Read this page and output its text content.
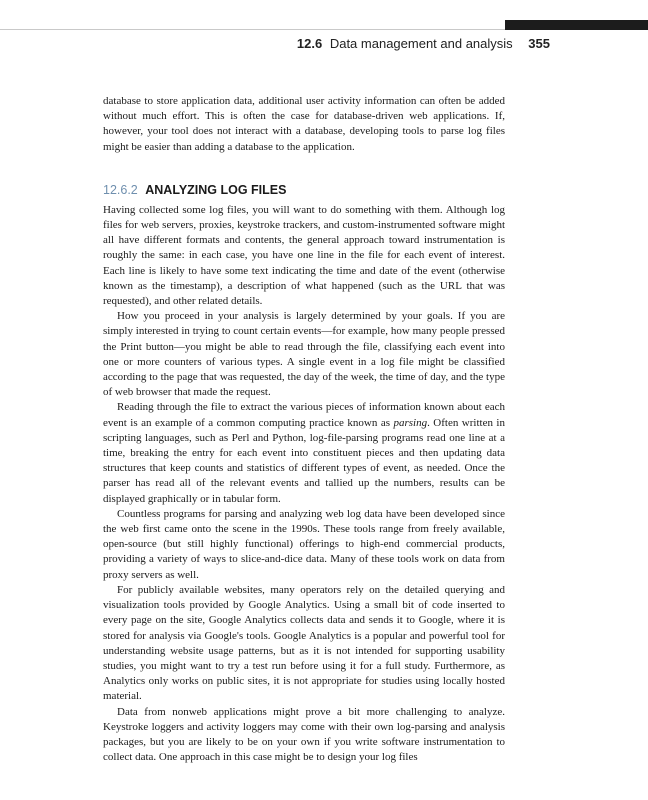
12.6 Data management and analysis 355

database to store application data, additional user activity information can often be added without much effort. This is often the case for database-driven web applications. If, however, your tool does not interact with a database, developing tools to parse log files might be easier than adding a database to the application.

12.6.2 ANALYZING LOG FILES

Having collected some log files, you will want to do something with them. Although log files for web servers, proxies, keystroke trackers, and custom-instrumented software might all have different formats and contents, the general approach toward instrumentation is roughly the same: in each case, you have one line in the file for each event of interest. Each line is likely to have some text indicating the time and date of the event (otherwise known as the timestamp), a description of what happened (such as the URL that was requested), and other related details.

How you proceed in your analysis is largely determined by your goals. If you are simply interested in trying to count certain events—for example, how many people pressed the Print button—you might be able to read through the file, classifying each event into one or more counters of various types. A single event in a log file might be classified according to the page that was requested, the day of the week, the time of day, and the type of web browser that made the request.

Reading through the file to extract the various pieces of information known about each event is an example of a common computing practice known as parsing. Often written in scripting languages, such as Perl and Python, log-file-parsing programs read one line at a time, breaking the entry for each event into constituent pieces and then updating data structures that keep counts and statistics of different types of event, as needed. Once the parser has read all of the relevant events and tallied up the numbers, results can be displayed graphically or in tabular form.

Countless programs for parsing and analyzing web log data have been developed since the web first came onto the scene in the 1990s. These tools range from freely available, open-source (but still highly functional) offerings to high-end commercial products, providing a variety of ways to slice-and-dice data. Many of these tools work on data from proxy servers as well.

For publicly available websites, many operators rely on the detailed querying and visualization tools provided by Google Analytics. Using a small bit of code inserted to every page on the site, Google Analytics collects data and sends it to Google, where it is stored for analysis via Google's tools. Google Analytics is a popular and powerful tool for understanding website usage patterns, but as it is not intended for supporting usability studies, you might want to try a test run before using it for a full study. Furthermore, as Analytics only works on public sites, it is not appropriate for studies using locally hosted material.

Data from nonweb applications might prove a bit more challenging to analyze. Keystroke loggers and activity loggers may come with their own log-parsing and analysis packages, but you are likely to be on your own if you write software instrumentation to collect data. One approach in this case might be to design your log files
